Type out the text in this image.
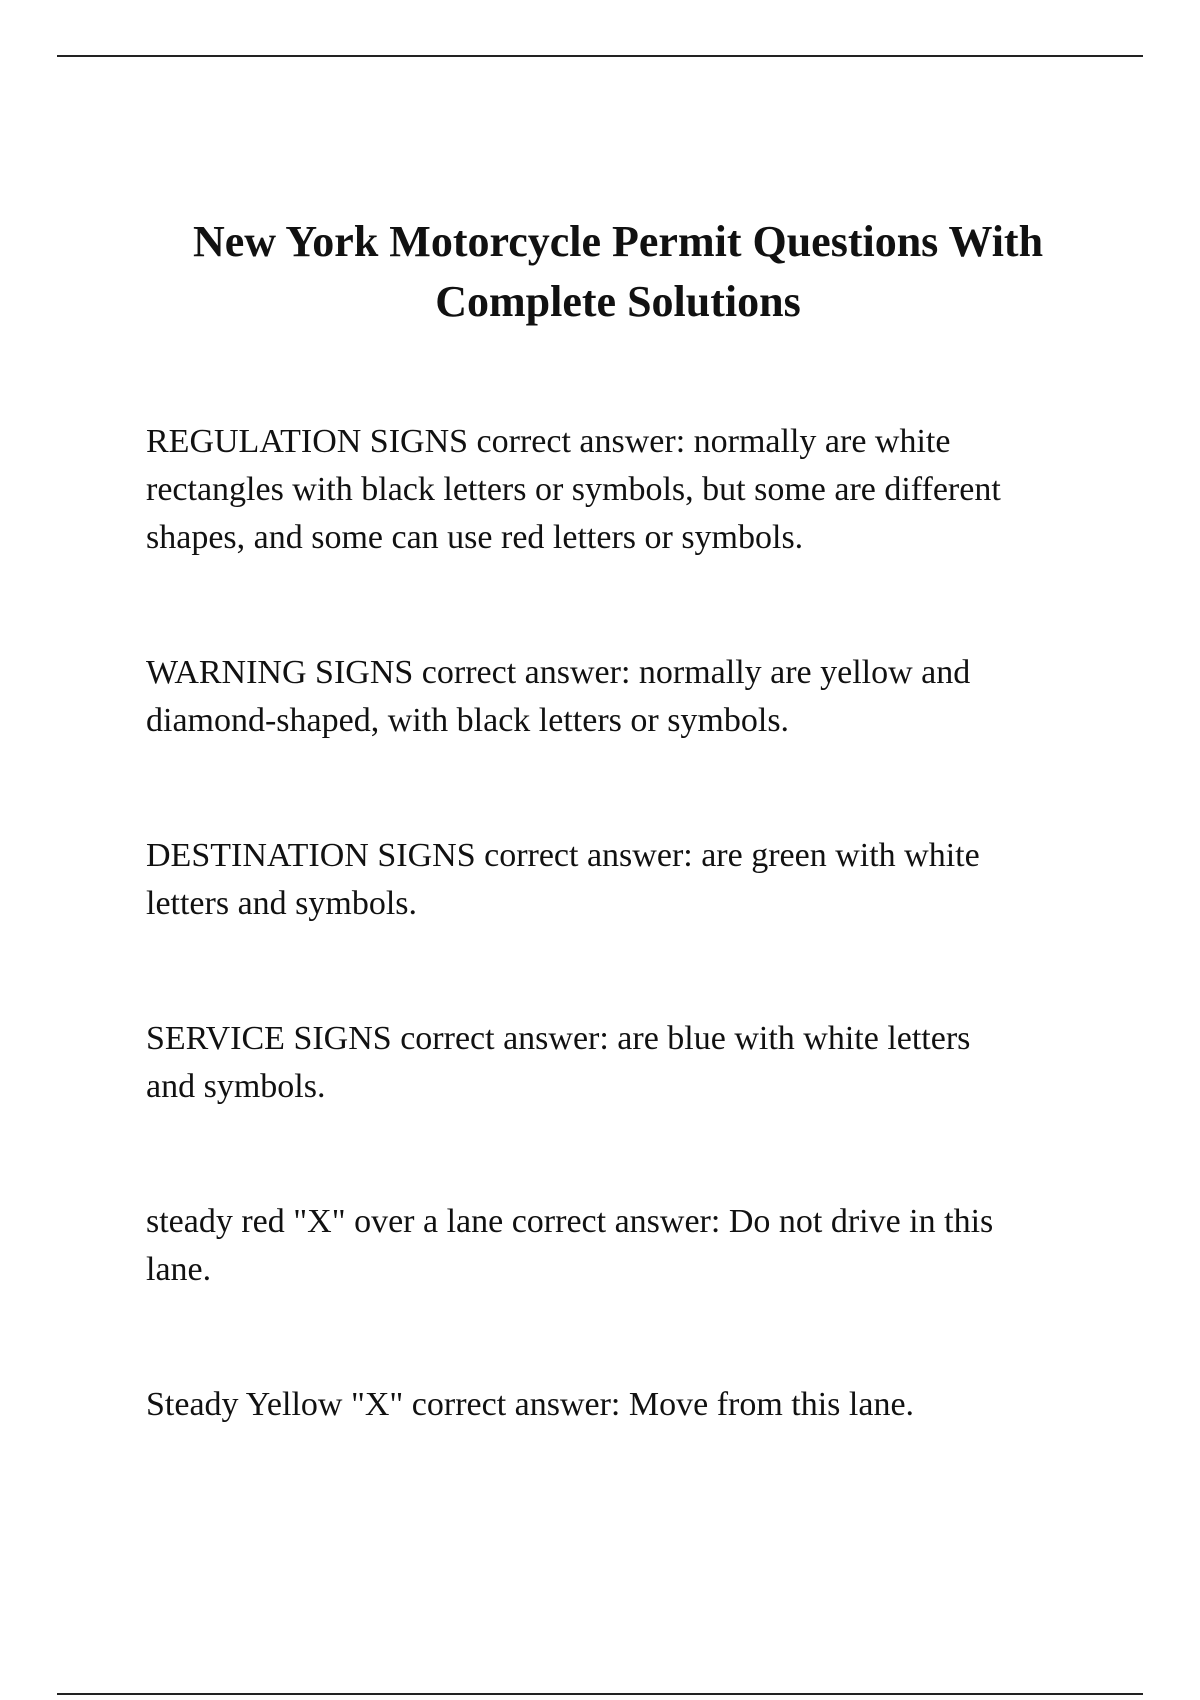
New York Motorcycle Permit Questions With
Complete Solutions
REGULATION SIGNS correct answer: normally are white
rectangles with black letters or symbols, but some are different
shapes, and some can use red letters or symbols.
WARNING SIGNS correct answer: normally are yellow and
diamond-shaped, with black letters or symbols.
DESTINATION SIGNS correct answer: are green with white
letters and symbols.
SERVICE SIGNS correct answer: are blue with white letters
and symbols.
steady red "X" over a lane correct answer: Do not drive in this
lane.
Steady Yellow "X" correct answer: Move from this lane.
